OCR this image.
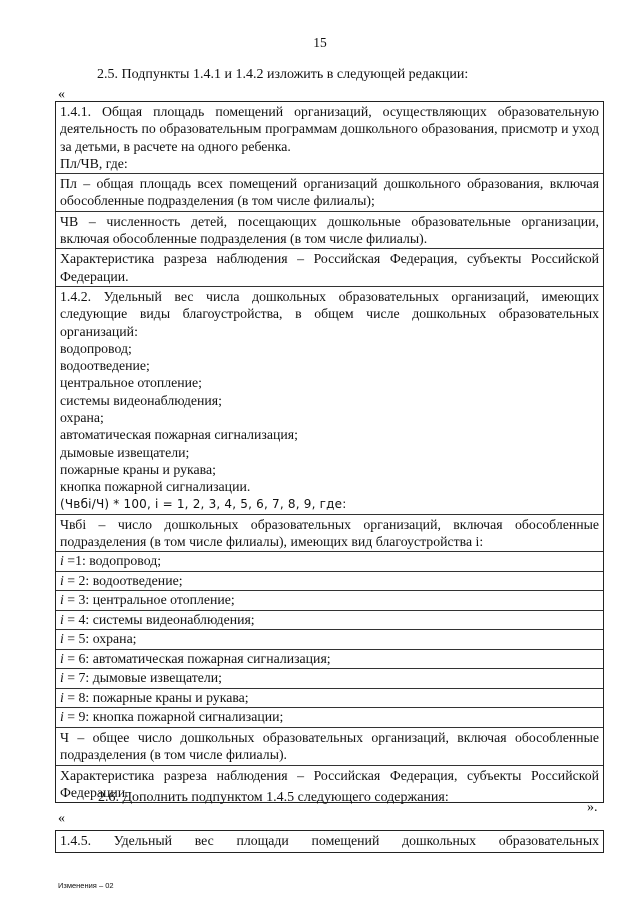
15
2.5. Подпункты 1.4.1 и 1.4.2 изложить в следующей редакции:
«
1.4.1. Общая площадь помещений организаций, осуществляющих образовательную деятельность по образовательным программам дошкольного образования, присмотр и уход за детьми, в расчете на одного ребенка.
Пл/ЧВ, где:
Пл – общая площадь всех помещений организаций дошкольного образования, включая обособленные подразделения (в том числе филиалы);
ЧВ – численность детей, посещающих дошкольные образовательные организации, включая обособленные подразделения (в том числе филиалы).
Характеристика разреза наблюдения – Российская Федерация, субъекты Российской Федерации.
1.4.2. Удельный вес числа дошкольных образовательных организаций, имеющих следующие виды благоустройства, в общем числе дошкольных образовательных организаций:
водопровод;
водоотведение;
центральное отопление;
системы видеонаблюдения;
охрана;
автоматическая пожарная сигнализация;
дымовые извещатели;
пожарные краны и рукава;
кнопка пожарной сигнализации.
(Чвбi/Ч) * 100, i = 1, 2, 3, 4, 5, 6, 7, 8, 9, где:
Чвбi – число дошкольных образовательных организаций, включая обособленные подразделения (в том числе филиалы), имеющих вид благоустройства i:
i =1: водопровод;
i = 2: водоотведение;
i = 3: центральное отопление;
i = 4: системы видеонаблюдения;
i = 5: охрана;
i = 6: автоматическая пожарная сигнализация;
i = 7: дымовые извещатели;
i = 8: пожарные краны и рукава;
i = 9: кнопка пожарной сигнализации;
Ч – общее число дошкольных образовательных организаций, включая обособленные подразделения (в том числе филиалы).
Характеристика разреза наблюдения – Российская Федерация, субъекты Российской Федерации.
».
2.6. Дополнить подпунктом 1.4.5 следующего содержания:
«
1.4.5. Удельный вес площади помещений дошкольных образовательных
Изменения – 02
